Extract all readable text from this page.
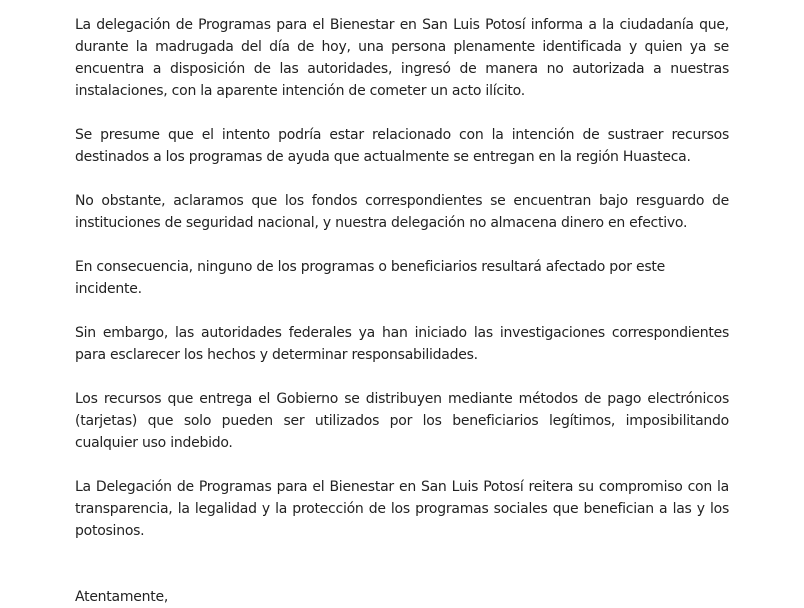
La delegación de Programas para el Bienestar en San Luis Potosí informa a la ciudadanía que, durante la madrugada del día de hoy, una persona plenamente identificada y quien ya se encuentra a disposición de las autoridades, ingresó de manera no autorizada a nuestras instalaciones, con la aparente intención de cometer un acto ilícito.

Se presume que el intento podría estar relacionado con la intención de sustraer recursos destinados a los programas de ayuda que actualmente se entregan en la región Huasteca.

No obstante, aclaramos que los fondos correspondientes se encuentran bajo resguardo de instituciones de seguridad nacional, y nuestra delegación no almacena dinero en efectivo.

En consecuencia, ninguno de los programas o beneficiarios resultará afectado por este incidente.

Sin embargo, las autoridades federales ya han iniciado las investigaciones correspondientes para esclarecer los hechos y determinar responsabilidades.

Los recursos que entrega el Gobierno se distribuyen mediante métodos de pago electrónicos (tarjetas) que solo pueden ser utilizados por los beneficiarios legítimos, imposibilitando cualquier uso indebido.

La Delegación de Programas para el Bienestar en San Luis Potosí reitera su compromiso con la transparencia, la legalidad y la protección de los programas sociales que benefician a las y los potosinos.

Atentamente,
